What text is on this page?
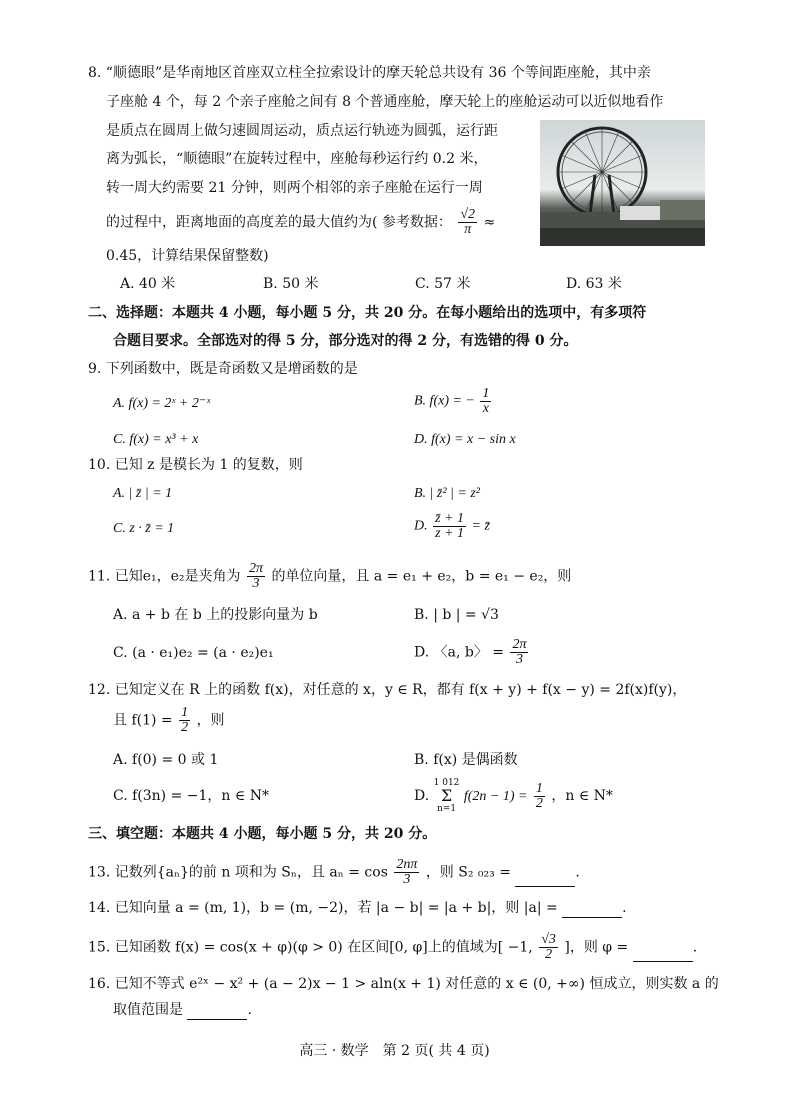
8. “顺德眼”是华南地区首座双立柱全拉索设计的摩天轮总共设有 36 个等间距座舱，其中亲
子座舱 4 个，每 2 个亲子座舱之间有 8 个普通座舱，摩天轮上的座舱运动可以近似地看作
是质点在圆周上做匀速圆周运动，质点运行轨迹为圆弧，运行距
离为弧长，“顺德眼”在旋转过程中，座舱每秒运行约 0.2 米，
转一周大约需要 21 分钟，则两个相邻的亲子座舱在运行一周
的过程中，距离地面的高度差的最大值约为( 参考数据： $\frac{√2}{\pi}$ ≈
0.45，计算结果保留整数)
A. 40 米	B. 50 米	C. 57 米	D. 63 米
二、选择题：本题共 4 小题，每小题 5 分，共 20 分。在每小题给出的选项中，有多项符
合题目要求。全部选对的得 5 分，部分选对的得 2 分，有选错的得 0 分。
9. 下列函数中，既是奇函数又是增函数的是
A. f(x) = 2ˣ + 2⁻ˣ	B. f(x) = − $\frac{1}{x}$
C. f(x) = x³ + x	D. f(x) = x − sin x
10. 已知 z 是模长为 1 的复数，则
A. | z̄ | = 1	B. | z̄² | = z²
C. z · z̄ = 1	D. $\frac{z̄ + 1}{z + 1}$ = z̄
11. 已知e₁，e₂是夹角为 $\frac{2\pi}{3}$ 的单位向量，且 a = e₁ + e₂，b = e₁ − e₂，则
A. a + b 在 b 上的投影向量为 b	B. | b | = √3
C. (a · e₁)e₂ = (a · e₂)e₁	D. 〈a, b〉 = $\frac{2\pi}{3}$
12. 已知定义在 R 上的函数 f(x)，对任意的 x，y ∈ R，都有 f(x + y) + f(x − y) = 2f(x)f(y)，
且 $f(1) = \frac{1}{2}$ ，则
A. f(0) = 0 或 1	B. f(x) 是偶函数
C. f(3n) = −1，n ∈ N*	D.
1 012
Σ
n=1
$f(2n - 1) = \frac{1}{2}$ ，n ∈ N*
三、填空题：本题共 4 小题，每小题 5 分，共 20 分。
13. 记数列{aₙ}的前 n 项和为 Sₙ，且 $a_n = \cos \frac{2n\pi}{3}$ ，则 S₂ ₀₂₃ =	.
14. 已知向量 a = (m, 1)，b = (m, −2)，若 |a − b| = |a + b|，则 |a| =	.
15. 已知函数 f(x) = cos(x + φ)(φ > 0) 在区间[0, φ]上的值域为[ −1, $\frac{√3}{2}$ ]，则 φ =	.
16. 已知不等式 e²ˣ − x² + (a − 2)x − 1 > aln(x + 1) 对任意的 x ∈ (0, +∞) 恒成立，则实数 a 的
取值范围是	.
高三 · 数学　第 2 页( 共 4 页)
